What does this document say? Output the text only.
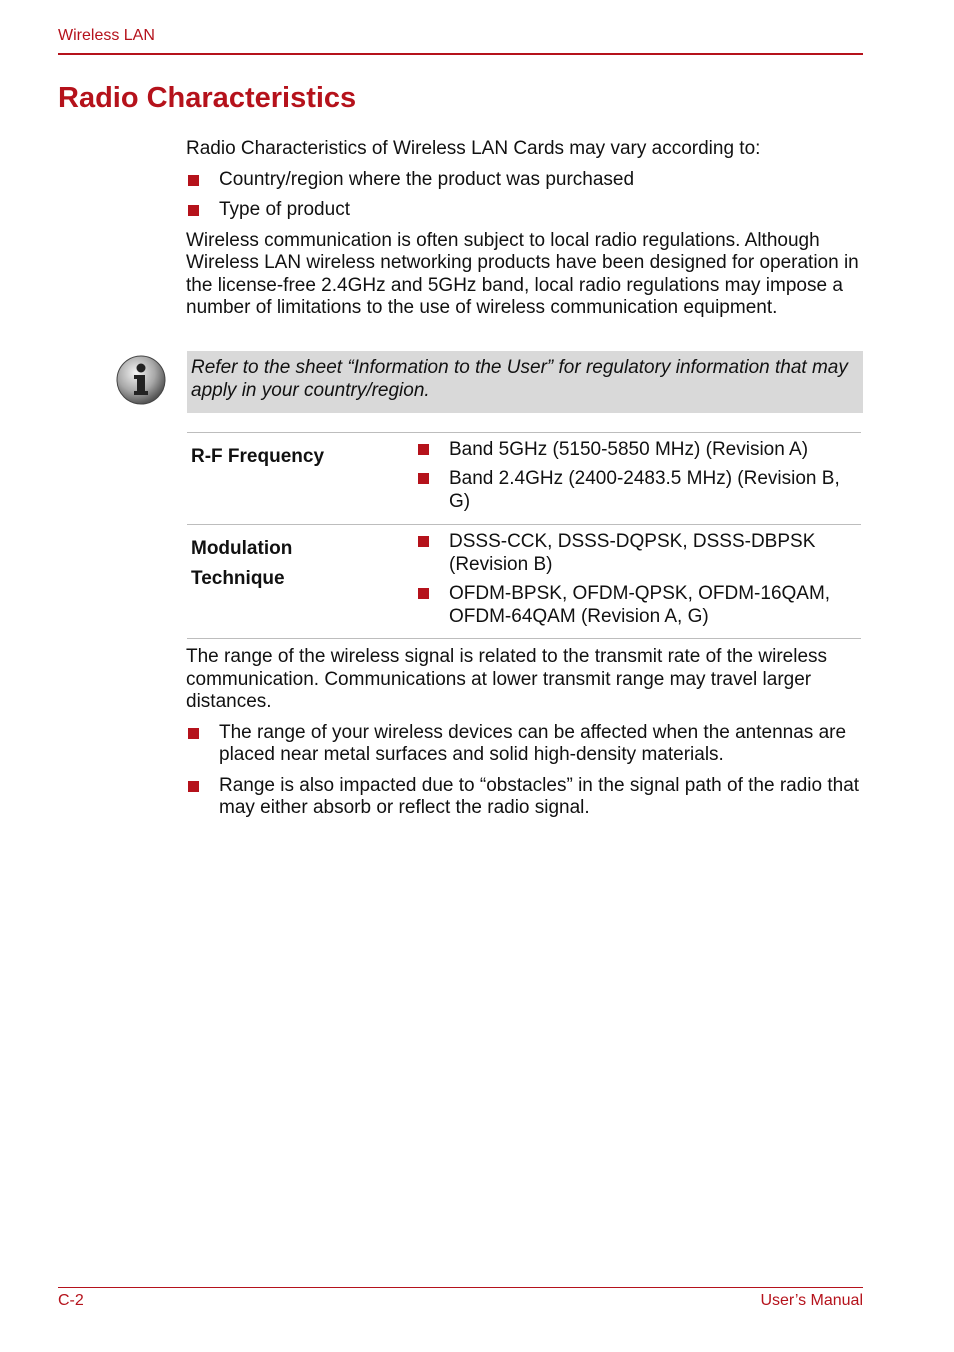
Wireless LAN
Radio Characteristics

Radio Characteristics of Wireless LAN Cards may vary according to:

Country/region where the product was purchased
Type of product

Wireless communication is often subject to local radio regulations. Although Wireless LAN wireless networking products have been designed for operation in the license-free 2.4GHz and 5GHz band, local radio regulations may impose a number of limitations to the use of wireless communication equipment.

Refer to the sheet “Information to the User” for regulatory information that may apply in your country/region.
R-F Frequency	Band 5GHz (5150-5850 MHz) (Revision A)
Band 2.4GHz (2400-2483.5 MHz) (Revision B, G)
Modulation
Technique
DSSS-CCK, DSSS-DQPSK, DSSS-DBPSK (Revision B)
OFDM-BPSK, OFDM-QPSK, OFDM-16QAM, OFDM-64QAM (Revision A, G)

The range of the wireless signal is related to the transmit rate of the wireless communication. Communications at lower transmit range may travel larger distances.

The range of your wireless devices can be affected when the antennas are placed near metal surfaces and solid high-density materials.
Range is also impacted due to “obstacles” in the signal path of the radio that may either absorb or reflect the radio signal.
C-2	User’s Manual
